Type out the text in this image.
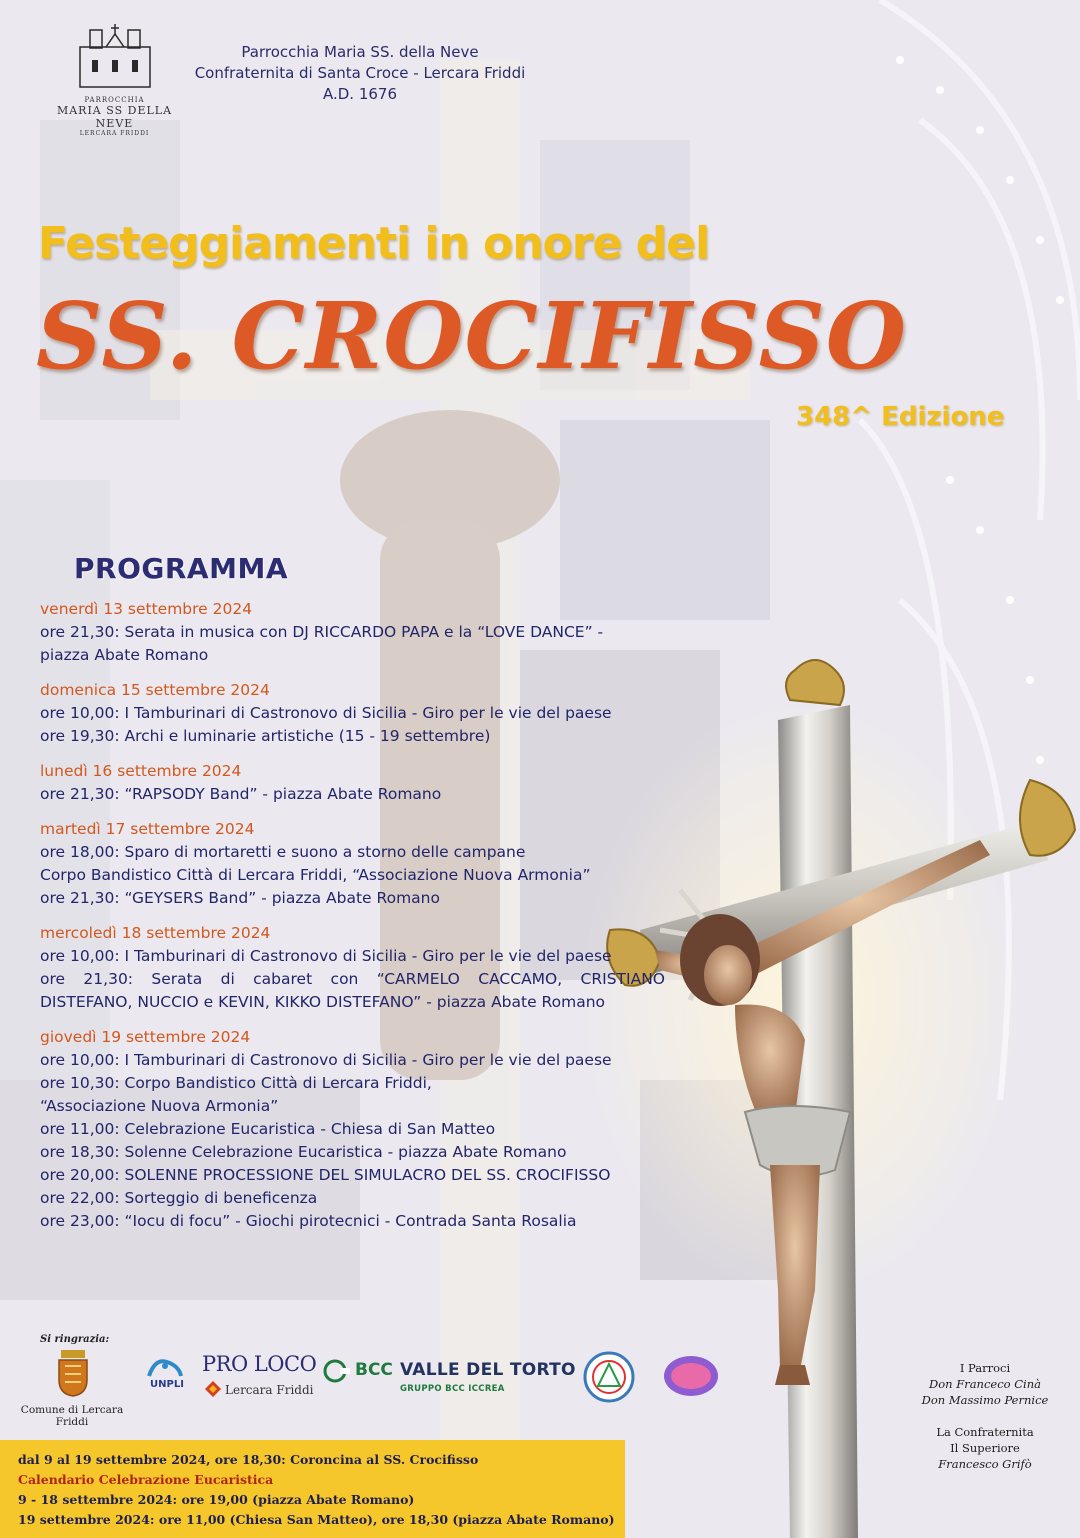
PARROCCHIA
MARIA SS DELLA NEVE
LERCARA FRIDDI
Parrocchia Maria SS. della Neve
Confraternita di Santa Croce - Lercara Friddi
A.D. 1676
Festeggiamenti in onore del
SS. CROCIFISSO
348^ Edizione
PROGRAMMA
venerdì 13 settembre 2024
ore 21,30: Serata in musica con DJ RICCARDO PAPA e la “LOVE DANCE” -
piazza Abate Romano
domenica 15 settembre 2024
ore 10,00: I Tamburinari di Castronovo di Sicilia - Giro per le vie del paese
ore 19,30: Archi e luminarie artistiche (15 - 19 settembre)
lunedì 16 settembre 2024
ore 21,30: “RAPSODY Band” - piazza Abate Romano
martedì 17 settembre 2024
ore 18,00: Sparo di mortaretti e suono a storno delle campane
Corpo Bandistico Città di Lercara Friddi, “Associazione Nuova Armonia”
ore 21,30: “GEYSERS Band” - piazza Abate Romano
mercoledì 18 settembre 2024
ore 10,00: I Tamburinari di Castronovo di Sicilia - Giro per le vie del paese
ore 21,30: Serata di cabaret con “CARMELO CACCAMO, CRISTIANO
DISTEFANO, NUCCIO e KEVIN, KIKKO DISTEFANO” - piazza Abate Romano
giovedì 19 settembre 2024
ore 10,00: I Tamburinari di Castronovo di Sicilia - Giro per le vie del paese
ore 10,30: Corpo Bandistico Città di Lercara Friddi,
“Associazione Nuova Armonia”
ore 11,00: Celebrazione Eucaristica - Chiesa di San Matteo
ore 18,30: Solenne Celebrazione Eucaristica - piazza Abate Romano
ore 20,00: SOLENNE PROCESSIONE DEL SIMULACRO DEL SS. CROCIFISSO
ore 22,00: Sorteggio di beneficenza
ore 23,00: “Iocu di focu” - Giochi pirotecnici - Contrada Santa Rosalia
Si ringrazia:
Comune di Lercara Friddi
UNPLI
PRO LOCO
Lercara Friddi
BCC VALLE DEL TORTO
GRUPPO BCC ICCREA
I Parroci
Don Franceco Cinà
Don Massimo Pernice
La Confraternita
Il Superiore
Francesco Grifò
dal 9 al 19 settembre 2024, ore 18,30: Coroncina al SS. Crocifisso
Calendario Celebrazione Eucaristica
9 - 18 settembre 2024: ore 19,00 (piazza Abate Romano)
19 settembre 2024: ore 11,00 (Chiesa San Matteo), ore 18,30 (piazza Abate Romano)
